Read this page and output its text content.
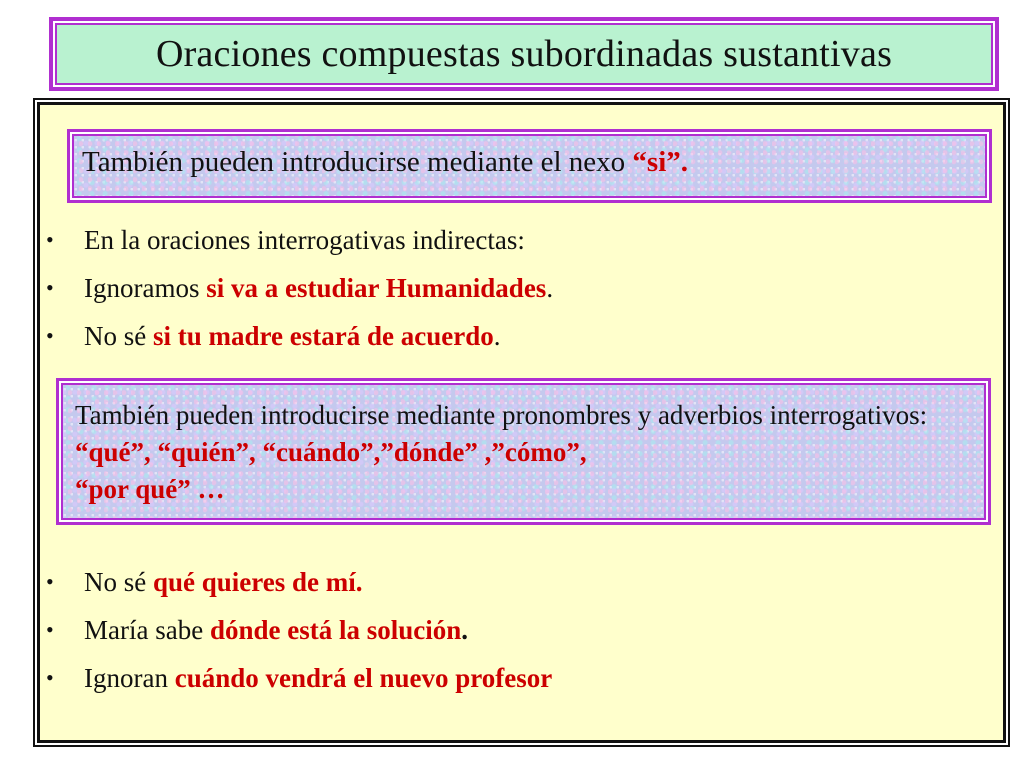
Oraciones compuestas subordinadas sustantivas
También pueden introducirse mediante el nexo “si”.
• En la oraciones interrogativas indirectas:
• Ignoramos si va a estudiar Humanidades.
• No sé si tu madre estará de acuerdo.
También pueden introducirse mediante pronombres y adverbios interrogativos: “qué”, “quién”, “cuándo”,”dónde” ,”cómo”,
“por qué” …
• No sé qué quieres de mí.
• María sabe dónde está la solución.
• Ignoran cuándo vendrá el nuevo profesor
